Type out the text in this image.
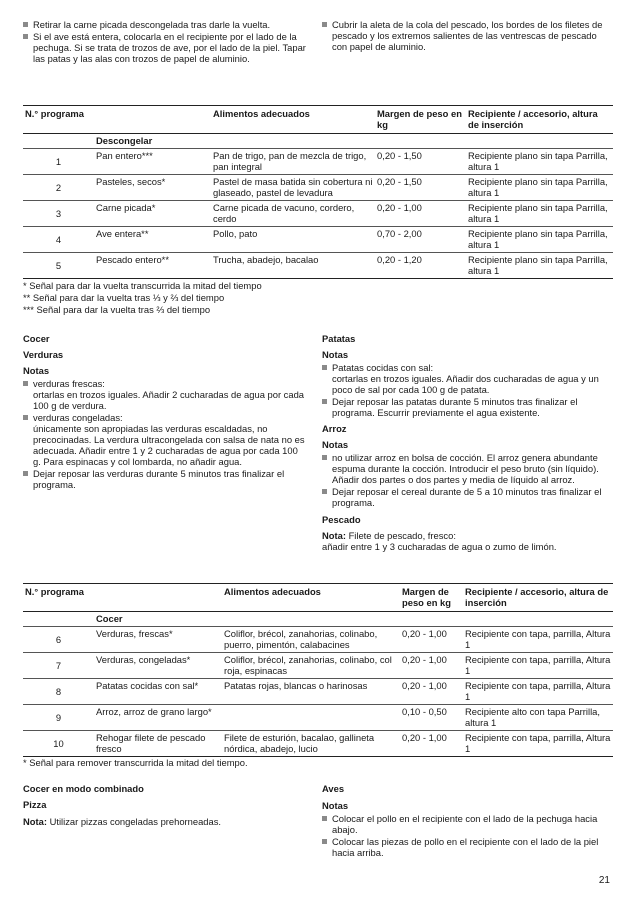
Retirar la carne picada descongelada tras darle la vuelta.
Si el ave está entera, colocarla en el recipiente por el lado de la pechuga. Si se trata de trozos de ave, por el lado de la piel. Tapar las patas y las alas con trozos de papel de aluminio.
Cubrir la aleta de la cola del pescado, los bordes de los filetes de pescado y los extremos salientes de las ventrescas de pescado con papel de aluminio.
N.° programa		Alimentos adecuados	Margen de peso en kg	Recipiente / accesorio, altura de inserción
	Descongelar			
1	Pan entero***	Pan de trigo, pan de mezcla de trigo, pan integral	0,20 - 1,50	Recipiente plano sin tapa Parrilla, altura 1
2	Pasteles, secos*	Pastel de masa batida sin cobertura ni glaseado, pastel de levadura	0,20 - 1,50	Recipiente plano sin tapa Parrilla, altura 1
3	Carne picada*	Carne picada de vacuno, cordero, cerdo	0,20 - 1,00	Recipiente plano sin tapa Parrilla, altura 1
4	Ave entera**	Pollo, pato	0,70 - 2,00	Recipiente plano sin tapa Parrilla, altura 1
5	Pescado entero**	Trucha, abadejo, bacalao	0,20 - 1,20	Recipiente plano sin tapa Parrilla, altura 1
* Señal para dar la vuelta transcurrida la mitad del tiempo
** Señal para dar la vuelta tras ⅓ y ⅔ del tiempo
*** Señal para dar la vuelta tras ⅔ del tiempo

Cocer

Verduras

Notas

verduras frescas:
ortarlas en trozos iguales. Añadir 2 cucharadas de agua por cada 100 g de verdura.
verduras congeladas:
únicamente son apropiadas las verduras escaldadas, no precocinadas. La verdura ultracongelada con salsa de nata no es adecuada. Añadir entre 1 y 2 cucharadas de agua por cada 100 g. Para espinacas y col lombarda, no añadir agua.
Dejar reposar las verduras durante 5 minutos tras finalizar el programa.

Patatas

Notas

Patatas cocidas con sal:
cortarlas en trozos iguales. Añadir dos cucharadas de agua y un poco de sal por cada 100 g de patata.
Dejar reposar las patatas durante 5 minutos tras finalizar el programa. Escurrir previamente el agua existente.

Arroz

Notas

no utilizar arroz en bolsa de cocción. El arroz genera abundante espuma durante la cocción. Introducir el peso bruto (sin líquido). Añadir dos partes o dos partes y media de líquido al arroz.
Dejar reposar el cereal durante de 5 a 10 minutos tras finalizar el programa.

Pescado

Nota: Filete de pescado, fresco:
añadir entre 1 y 3 cucharadas de agua o zumo de limón.
N.° programa		Alimentos adecuados	Margen de peso en kg	Recipiente / accesorio, altura de inserción
	Cocer			
6	Verduras, frescas*	Coliflor, brécol, zanahorias, colinabo, puerro, pimentón, calabacines	0,20 - 1,00	Recipiente con tapa, parrilla, Altura 1
7	Verduras, congeladas*	Coliflor, brécol, zanahorias, colinabo, col roja, espinacas	0,20 - 1,00	Recipiente con tapa, parrilla, Altura 1
8	Patatas cocidas con sal*	Patatas rojas, blancas o harinosas	0,20 - 1,00	Recipiente con tapa, parrilla, Altura 1
9	Arroz, arroz de grano largo*		0,10 - 0,50	Recipiente alto con tapa Parrilla, altura 1
10	Rehogar filete de pescado fresco	Filete de esturión, bacalao, gallineta nórdica, abadejo, lucio	0,20 - 1,00	Recipiente con tapa, parrilla, Altura 1
* Señal para remover transcurrida la mitad del tiempo.

Cocer en modo combinado

Pizza

Nota: Utilizar pizzas congeladas prehorneadas.

Aves

Notas

Colocar el pollo en el recipiente con el lado de la pechuga hacia abajo.
Colocar las piezas de pollo en el recipiente con el lado de la piel hacia arriba.
21
